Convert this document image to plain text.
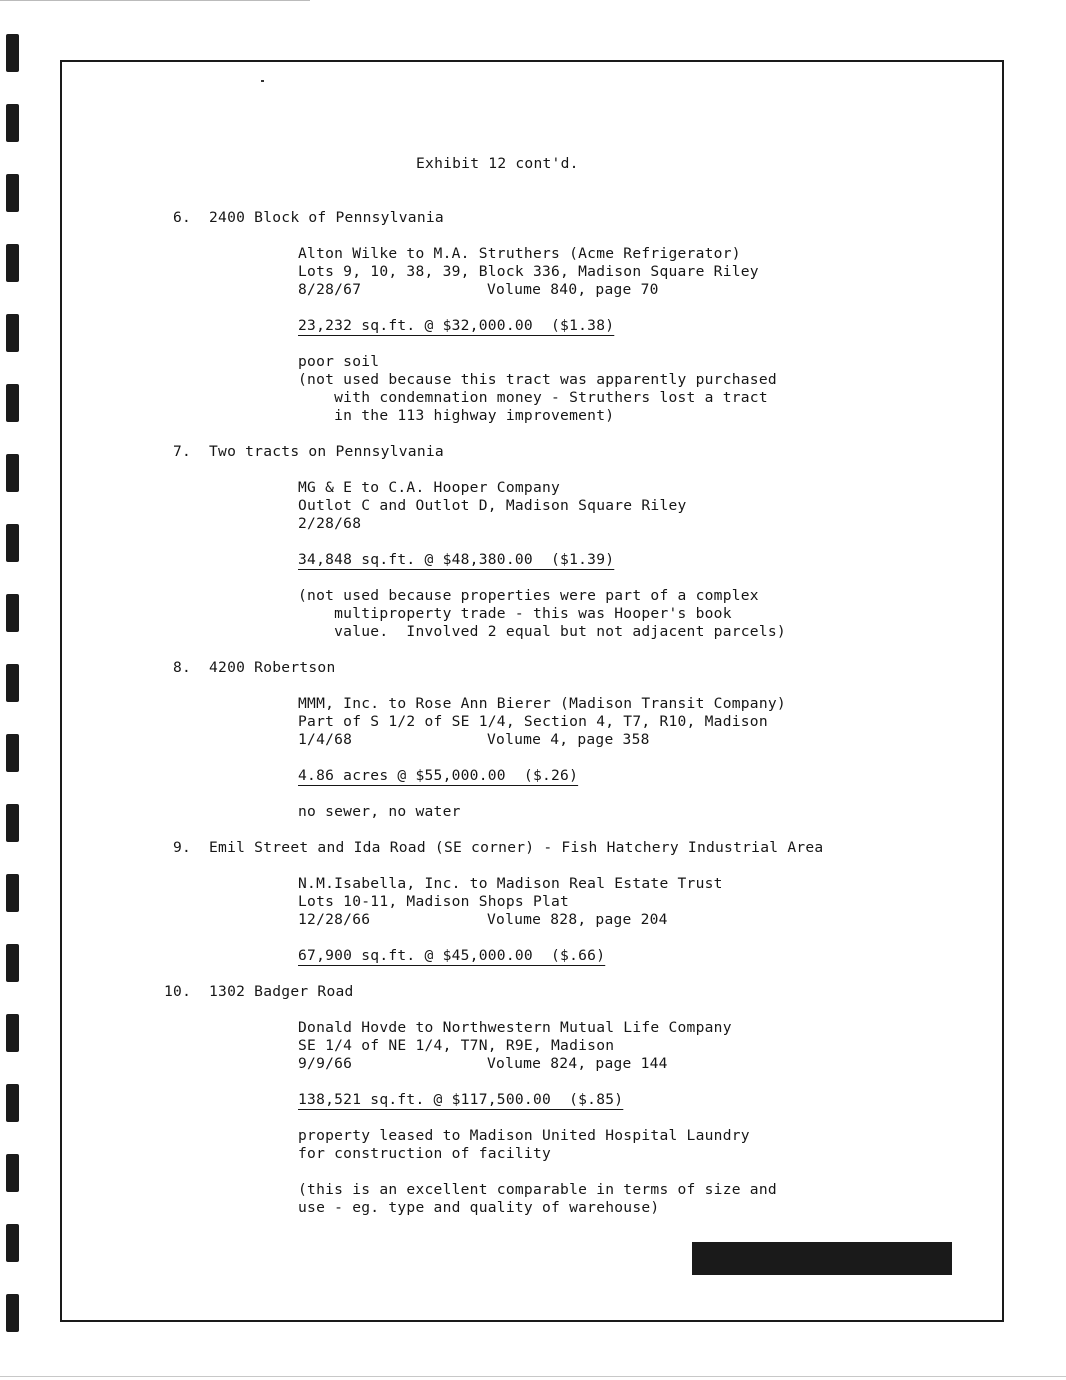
Exhibit 12 cont'd.
6. 2400 Block of Pennsylvania
Alton Wilke to M.A. Struthers (Acme Refrigerator)
Lots 9, 10, 38, 39, Block 336, Madison Square Riley
8/28/67	Volume 840, page 70
23,232 sq.ft. @ $32,000.00  ($1.38)
poor soil
(not used because this tract was apparently purchased
with condemnation money - Struthers lost a tract
in the 113 highway improvement)
7. Two tracts on Pennsylvania
MG & E to C.A. Hooper Company
Outlot C and Outlot D, Madison Square Riley
2/28/68
34,848 sq.ft. @ $48,380.00  ($1.39)
(not used because properties were part of a complex
multiproperty trade - this was Hooper's book
value.  Involved 2 equal but not adjacent parcels)
8. 4200 Robertson
MMM, Inc. to Rose Ann Bierer (Madison Transit Company)
Part of S 1/2 of SE 1/4, Section 4, T7, R10, Madison
1/4/68	Volume 4, page 358
4.86 acres @ $55,000.00  ($.26)
no sewer, no water
9. Emil Street and Ida Road (SE corner) - Fish Hatchery Industrial Area
N.M.Isabella, Inc. to Madison Real Estate Trust
Lots 10-11, Madison Shops Plat
12/28/66	Volume 828, page 204
67,900 sq.ft. @ $45,000.00  ($.66)
10. 1302 Badger Road
Donald Hovde to Northwestern Mutual Life Company
SE 1/4 of NE 1/4, T7N, R9E, Madison
9/9/66	Volume 824, page 144
138,521 sq.ft. @ $117,500.00  ($.85)
property leased to Madison United Hospital Laundry
for construction of facility
(this is an excellent comparable in terms of size and
use - eg. type and quality of warehouse)
